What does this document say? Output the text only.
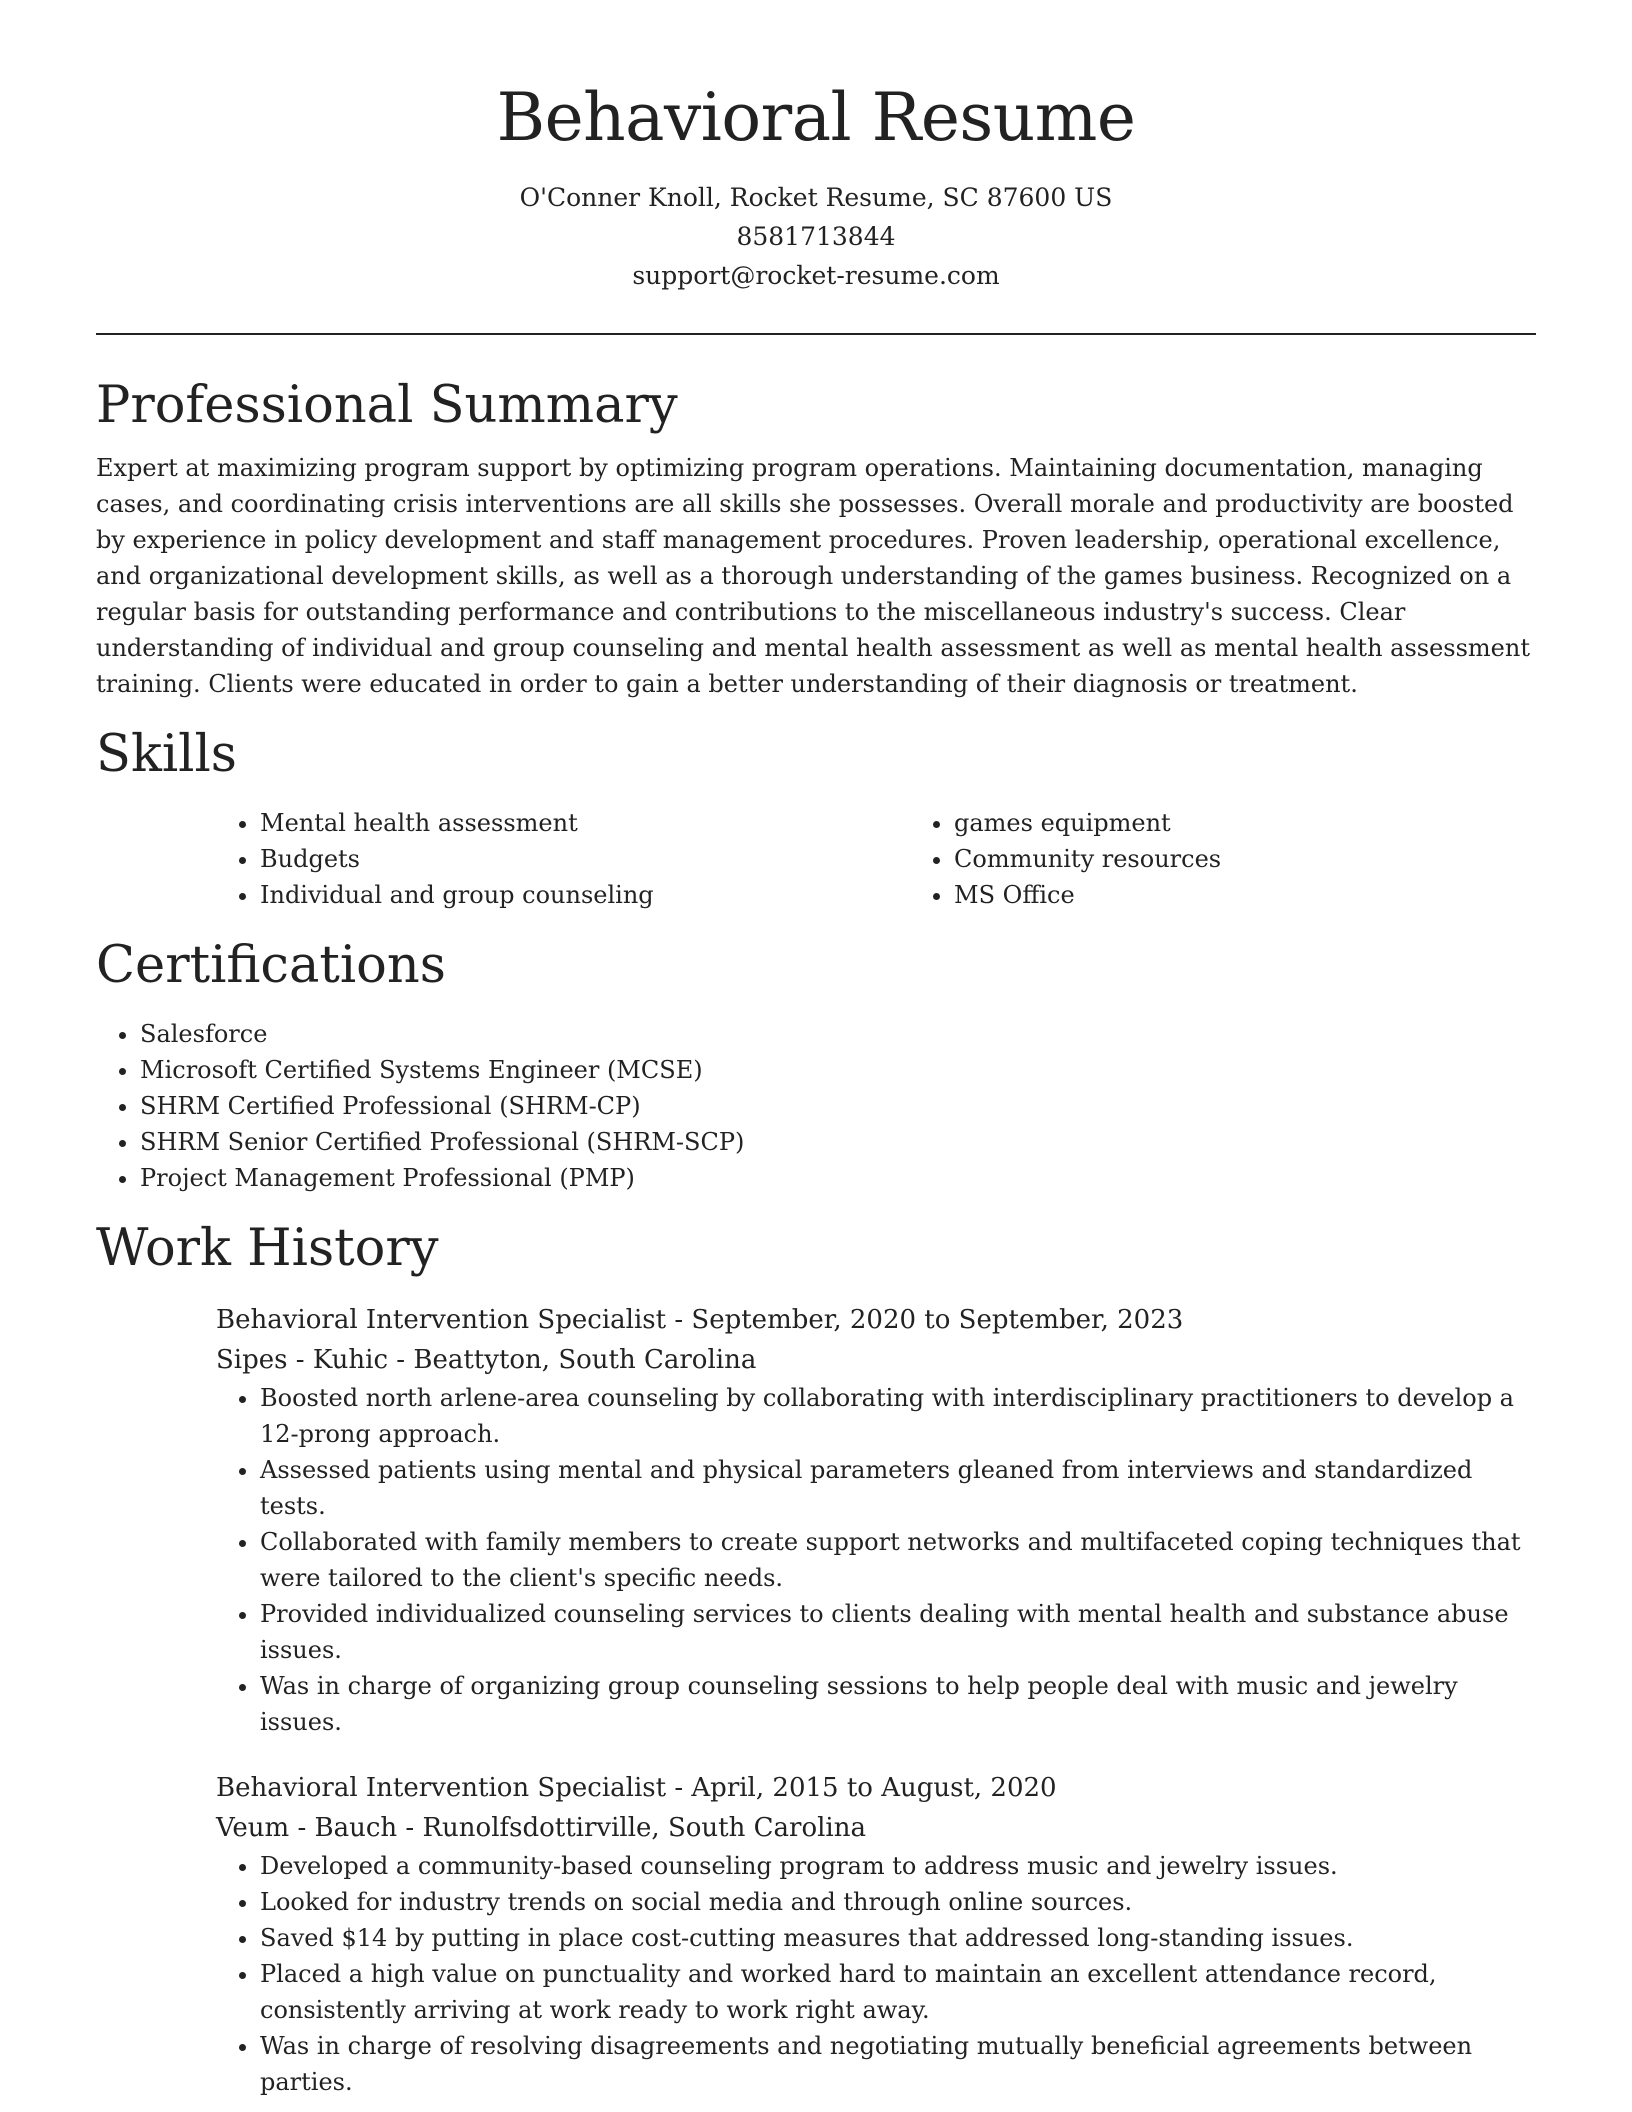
Behavioral Resume
O'Conner Knoll, Rocket Resume, SC 87600 US
8581713844
support@rocket-resume.com
Professional Summary

Expert at maximizing program support by optimizing program operations. Maintaining documentation, managing cases, and coordinating crisis interventions are all skills she possesses. Overall morale and productivity are boosted by experience in policy development and staff management procedures. Proven leadership, operational excellence, and organizational development skills, as well as a thorough understanding of the games business. Recognized on a regular basis for outstanding performance and contributions to the miscellaneous industry's success. Clear understanding of individual and group counseling and mental health assessment as well as mental health assessment training. Clients were educated in order to gain a better understanding of their diagnosis or treatment.

Skills
• Mental health assessment
• Budgets
• Individual and group counseling
• games equipment
• Community resources
• MS Office
Certifications
• Salesforce
• Microsoft Certified Systems Engineer (MCSE)
• SHRM Certified Professional (SHRM-CP)
• SHRM Senior Certified Professional (SHRM-SCP)
• Project Management Professional (PMP)
Work History
Behavioral Intervention Specialist - September, 2020 to September, 2023
Sipes - Kuhic - Beattyton, South Carolina
• Boosted north arlene-area counseling by collaborating with interdisciplinary practitioners to develop a 12-prong approach.
• Assessed patients using mental and physical parameters gleaned from interviews and standardized tests.
• Collaborated with family members to create support networks and multifaceted coping techniques that were tailored to the client's specific needs.
• Provided individualized counseling services to clients dealing with mental health and substance abuse issues.
• Was in charge of organizing group counseling sessions to help people deal with music and jewelry issues.
Behavioral Intervention Specialist - April, 2015 to August, 2020
Veum - Bauch - Runolfsdottirville, South Carolina
• Developed a community-based counseling program to address music and jewelry issues.
• Looked for industry trends on social media and through online sources.
• Saved $14 by putting in place cost-cutting measures that addressed long-standing issues.
• Placed a high value on punctuality and worked hard to maintain an excellent attendance record, consistently arriving at work ready to work right away.
• Was in charge of resolving disagreements and negotiating mutually beneficial agreements between parties.
